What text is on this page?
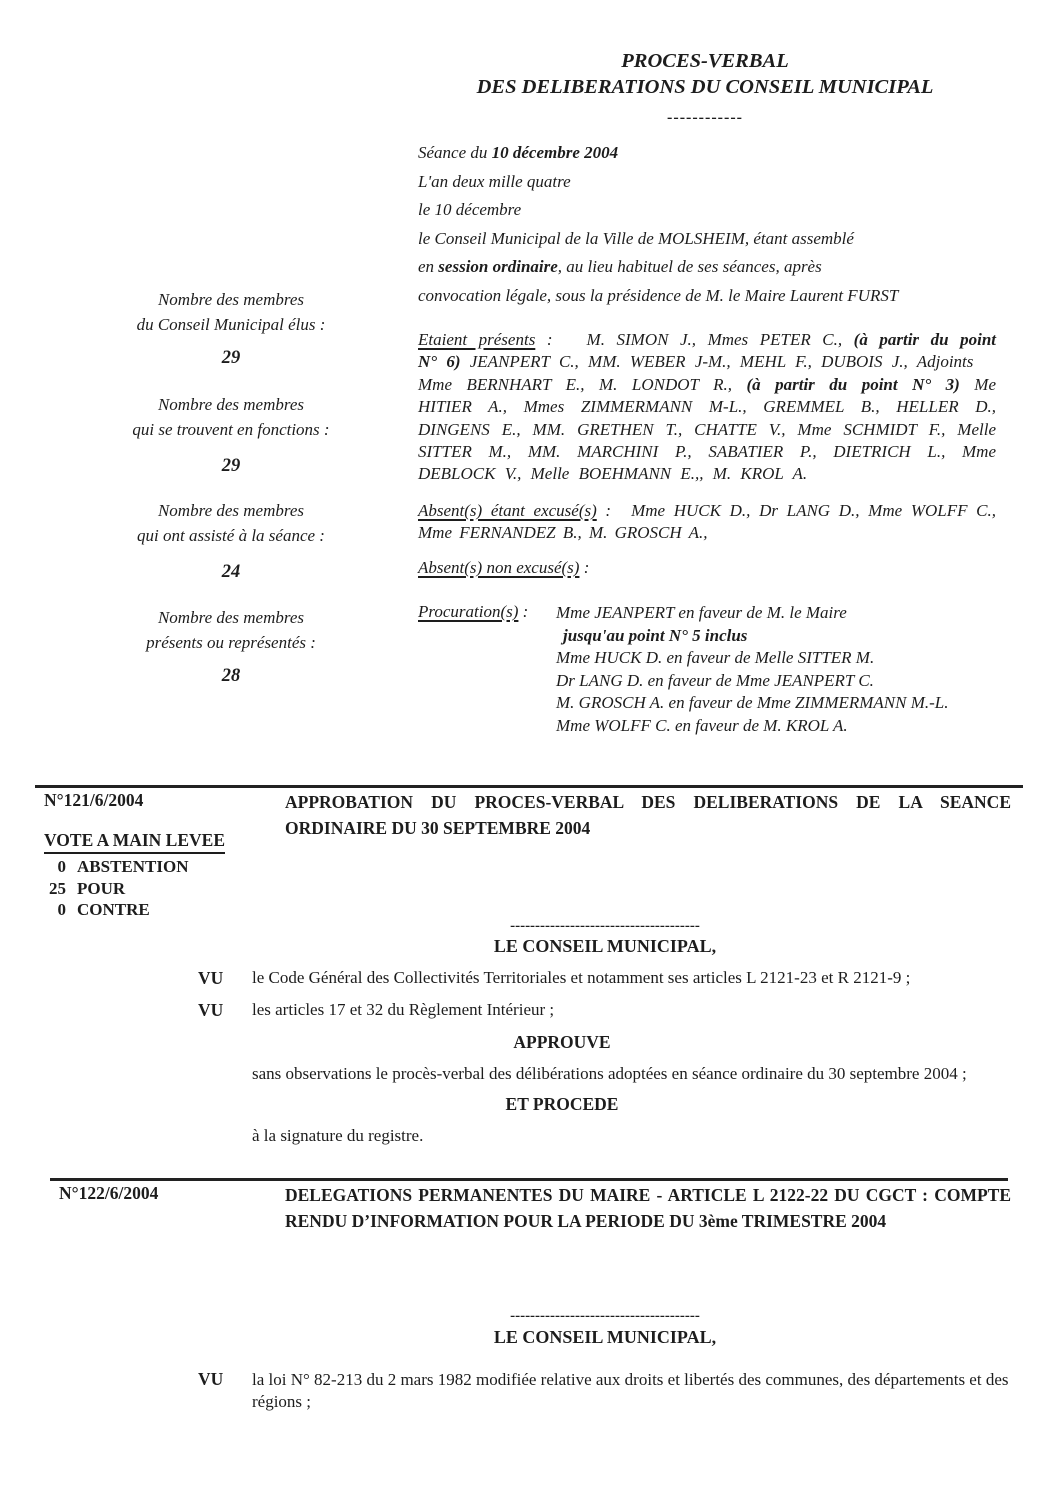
PROCES-VERBAL
DES DELIBERATIONS DU CONSEIL MUNICIPAL
------------
Séance du 10 décembre 2004
L'an deux mille quatre
le 10 décembre
le Conseil Municipal de la Ville de MOLSHEIM, étant assemblé
en session ordinaire, au lieu habituel de ses séances, après
convocation légale, sous la présidence de M. le Maire Laurent FURST
Nombre des membres
du Conseil Municipal élus :
29
Nombre des membres
qui se trouvent en fonctions :
29
Nombre des membres
qui ont assisté à la séance :
24
Nombre des membres
présents ou représentés :
28

Etaient présents : M. SIMON J., Mmes PETER C., (à partir du point N° 6) JEANPERT C., MM. WEBER J-M., MEHL F., DUBOIS J., Adjoints
Mme BERNHART E., M. LONDOT R., (à partir du point N° 3) Me HITIER A., Mmes ZIMMERMANN M-L., GREMMEL B., HELLER D., DINGENS E., MM. GRETHEN T., CHATTE V., Mme SCHMIDT F., Melle SITTER M., MM. MARCHINI P., SABATIER P., DIETRICH L., Mme DEBLOCK V., Melle BOEHMANN E.,, M. KROL A.

Absent(s) étant excusé(s) : Mme HUCK D., Dr LANG D., Mme WOLFF C., Mme FERNANDEZ B., M. GROSCH A.,

Absent(s) non excusé(s) :

Procuration(s) : Mme JEANPERT en faveur de M. le Maire
jusqu'au point N° 5 inclus
Mme HUCK D. en faveur de Melle SITTER M.
Dr LANG D. en faveur de Mme JEANPERT C.
M. GROSCH A. en faveur de Mme ZIMMERMANN M.-L.
Mme WOLFF C. en faveur de M. KROL A.
N°121/6/2004	APPROBATION DU PROCES-VERBAL DES DELIBERATIONS DE LA SEANCE
ORDINAIRE DU 30 SEPTEMBRE 2004
VOTE A MAIN LEVEE
0 ABSTENTION
25 POUR
0 CONTRE
--------------------------------------
LE CONSEIL MUNICIPAL,
VU le Code Général des Collectivités Territoriales et notamment ses articles L 2121-23 et R 2121-9 ;
VU les articles 17 et 32 du Règlement Intérieur ;
APPROUVE
sans observations le procès-verbal des délibérations adoptées en séance ordinaire du 30 septembre 2004 ;
ET PROCEDE
à la signature du registre.
N°122/6/2004	DELEGATIONS PERMANENTES DU MAIRE - ARTICLE L 2122-22 DU CGCT : COMPTE
RENDU D’INFORMATION POUR LA PERIODE DU 3ème TRIMESTRE 2004
--------------------------------------
LE CONSEIL MUNICIPAL,
VU la loi N° 82-213 du 2 mars 1982 modifiée relative aux droits et libertés des communes, des départements et des régions ;
